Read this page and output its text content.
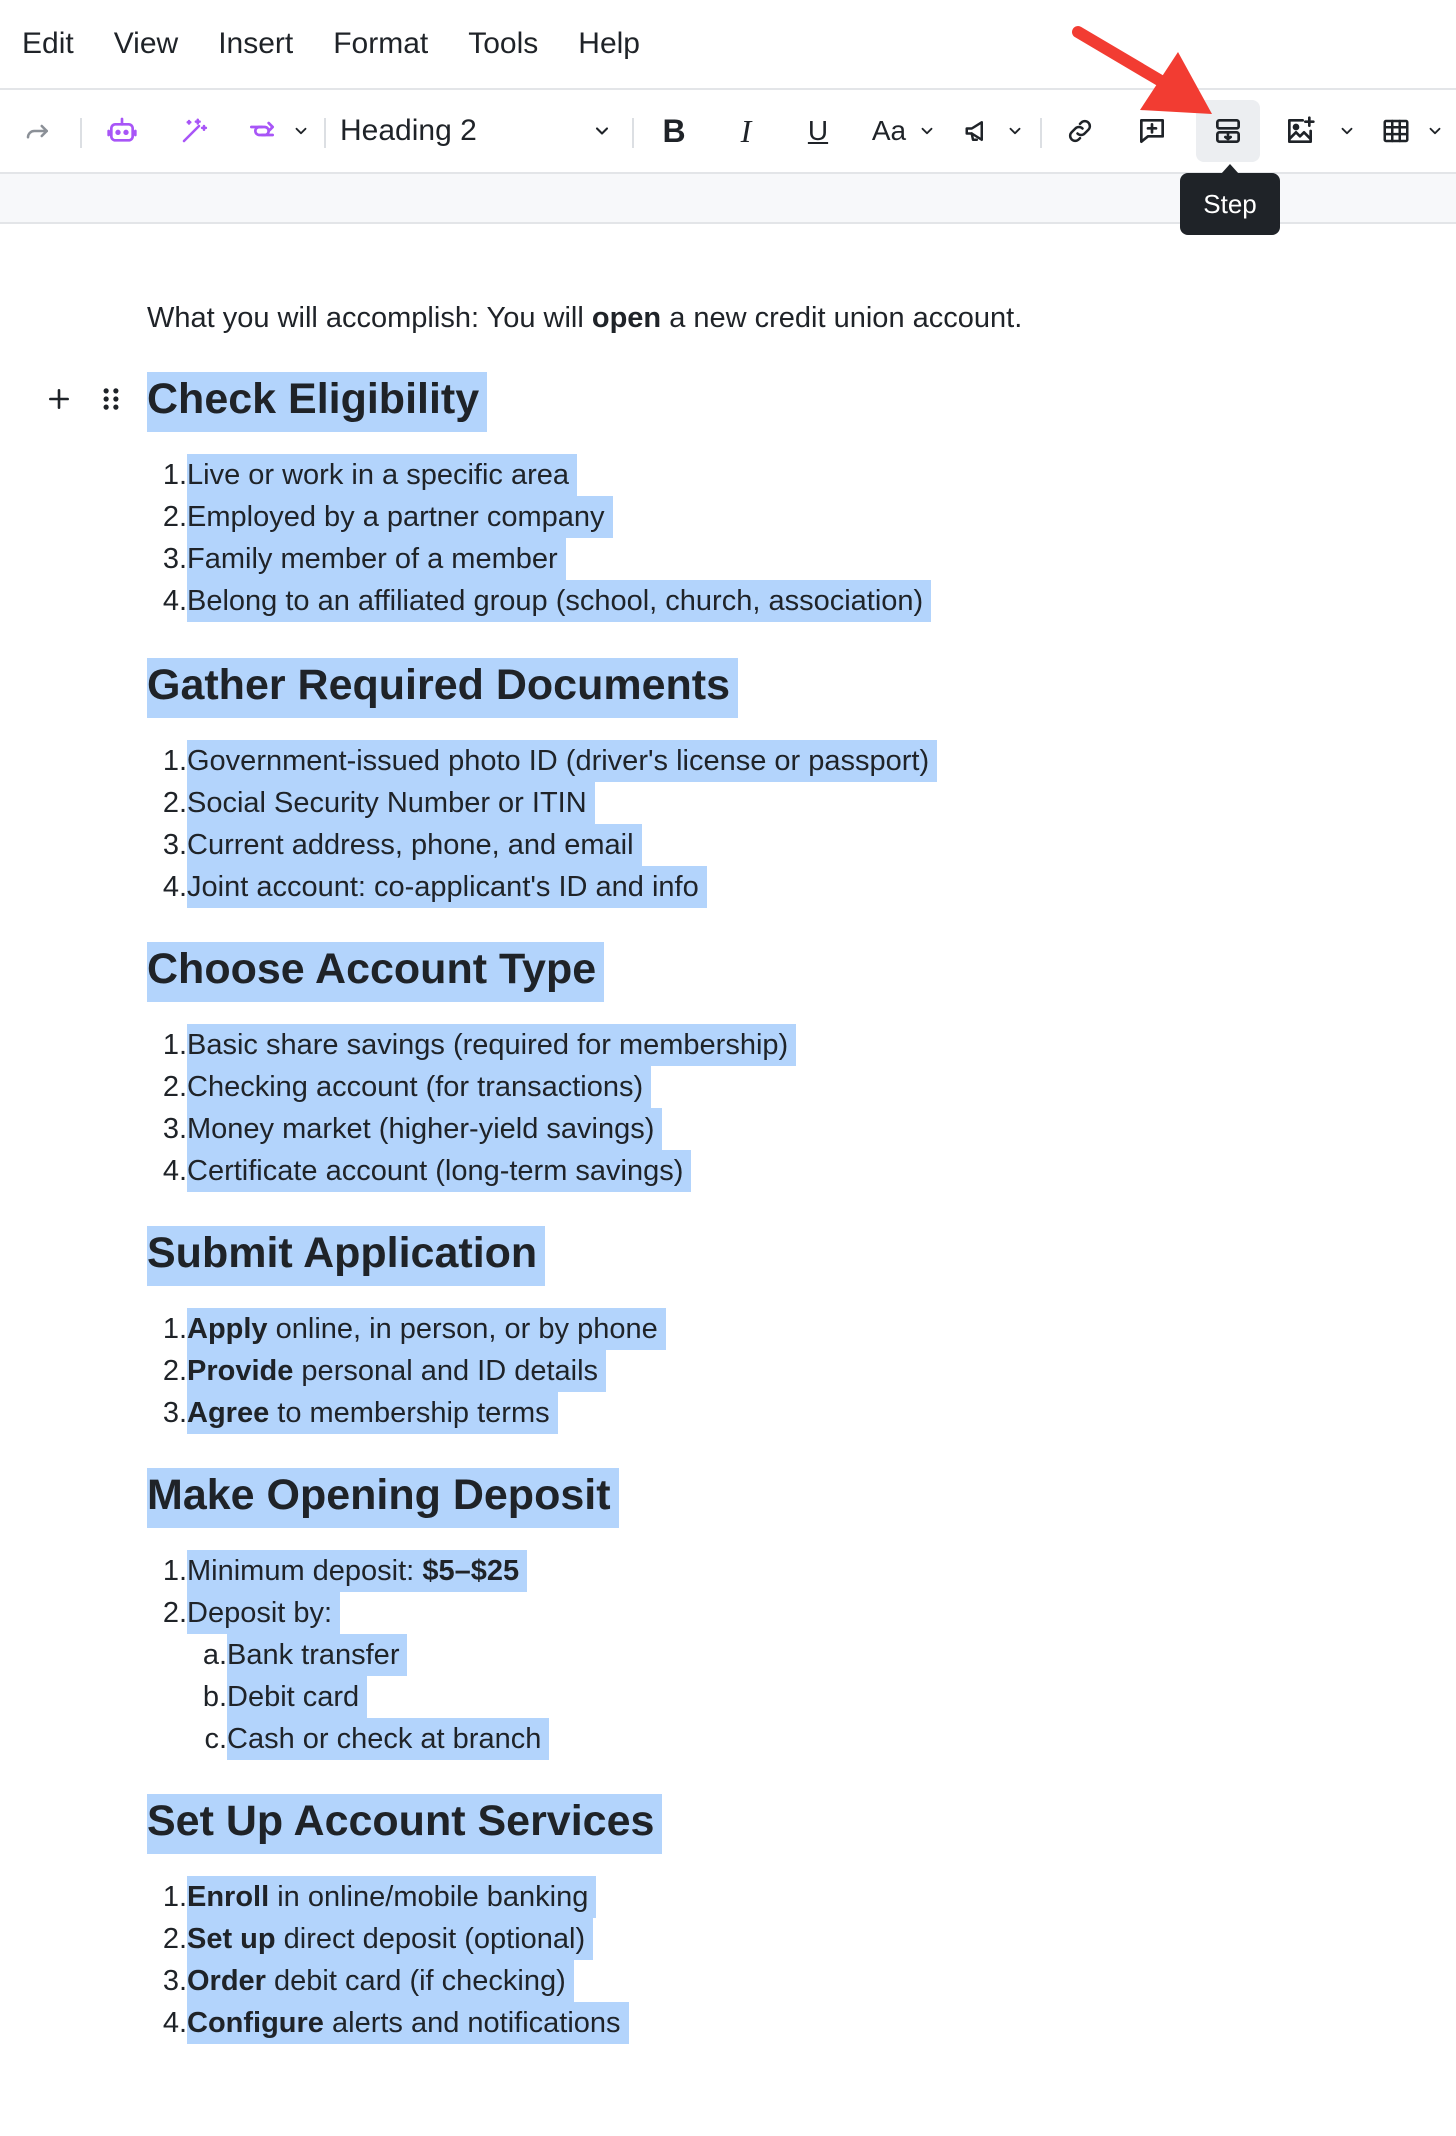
Edit View Insert Format Tools Help
Heading 2	B I U Aa
Step
What you will accomplish: You will open a new credit union account.
Check Eligibility
1. Live or work in a specific area
2. Employed by a partner company
3. Family member of a member
4. Belong to an affiliated group (school, church, association)
Gather Required Documents
1. Government-issued photo ID (driver's license or passport)
2. Social Security Number or ITIN
3. Current address, phone, and email
4. Joint account: co-applicant's ID and info
Choose Account Type
1. Basic share savings (required for membership)
2. Checking account (for transactions)
3. Money market (higher-yield savings)
4. Certificate account (long-term savings)
Submit Application
1. Apply online, in person, or by phone
2. Provide personal and ID details
3. Agree to membership terms
Make Opening Deposit
1. Minimum deposit: $5–$25
2. Deposit by:
a. Bank transfer
b. Debit card
c. Cash or check at branch
Set Up Account Services
1. Enroll in online/mobile banking
2. Set up direct deposit (optional)
3. Order debit card (if checking)
4. Configure alerts and notifications
